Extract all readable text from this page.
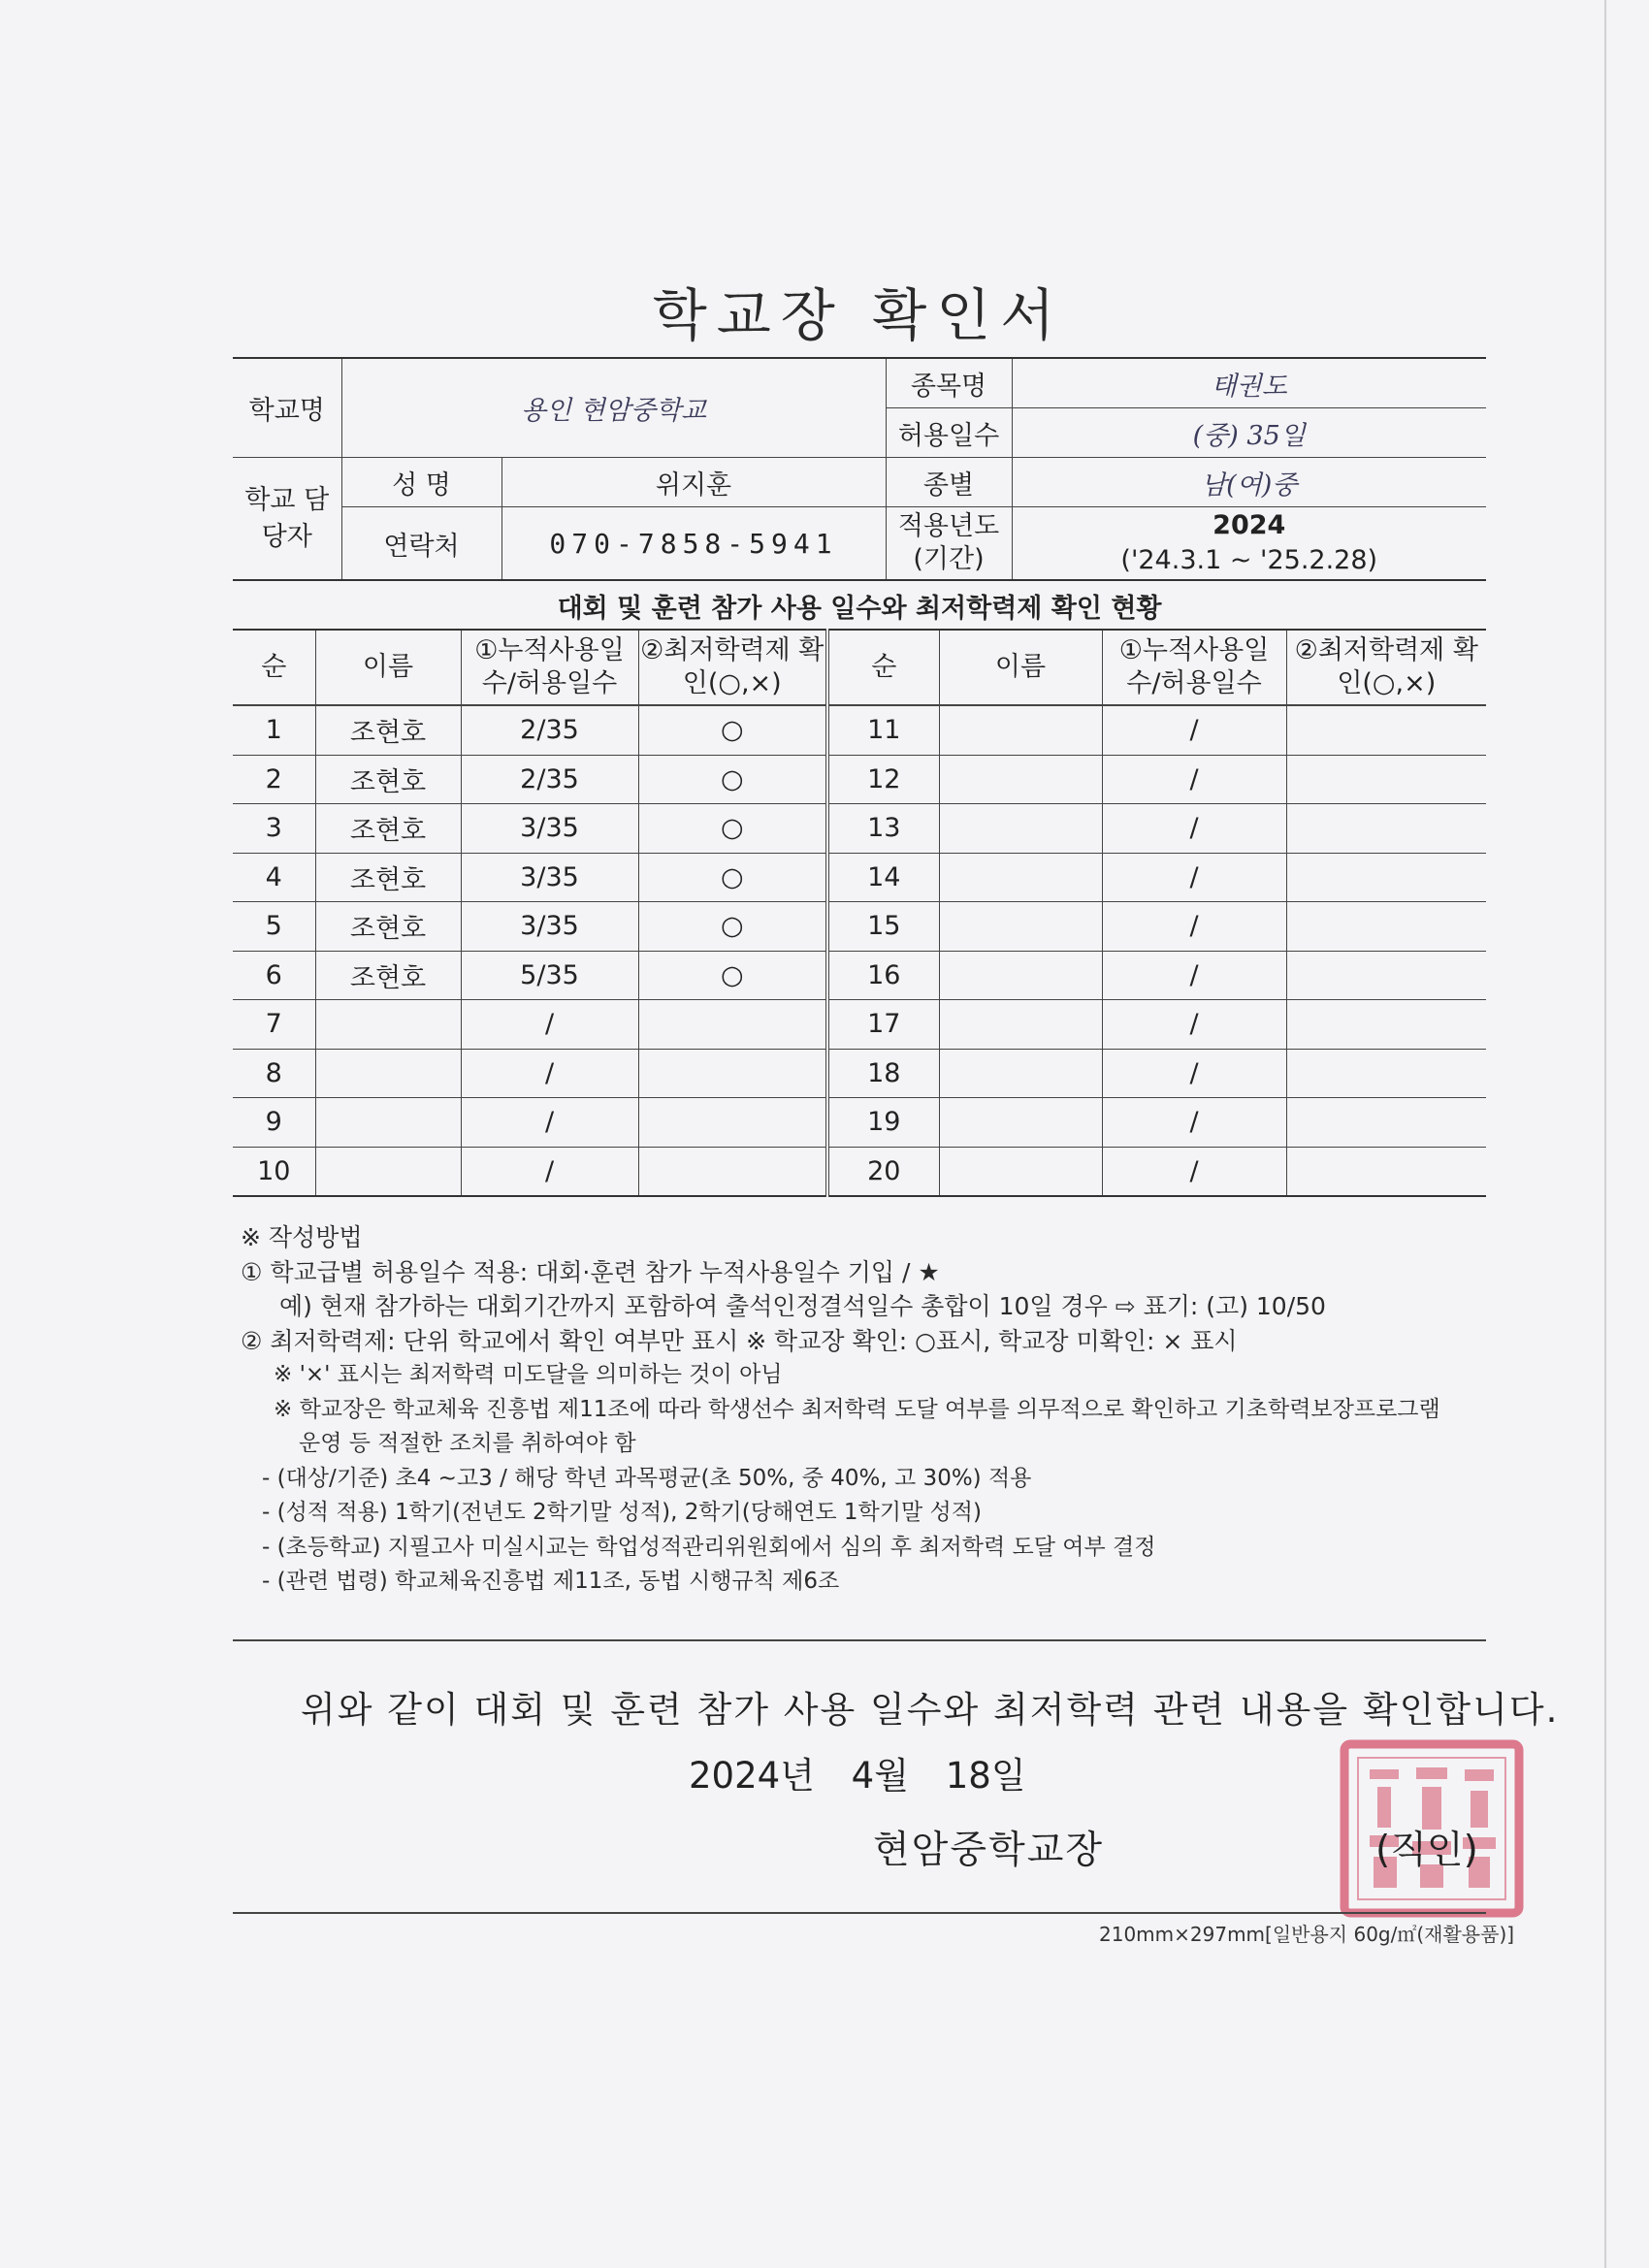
학교장 확인서
학교명	용인 현암중학교		종목명	태권도
			허용일수	(중) 35일
학교 담당자	성 명	위지훈	종별	남(여)중
	연락처	070-7858-5941	적용년도 (기간)	2024
('24.3.1 ~ '25.2.28)
대회 및 훈련 참가 사용 일수와 최저학력제 확인 현황							
순	이름	①누적사용일수/허용일수	②최저학력제 확인(○,×)	순	이름	①누적사용일수/허용일수	②최저학력제 확인(○,×)
1	조현호	2/35	○	11		/	
2	조현호	2/35	○	12		/	
3	조현호	3/35	○	13		/	
4	조현호	3/35	○	14		/	
5	조현호	3/35	○	15		/	
6	조현호	5/35	○	16		/	
7		/		17		/	
8		/		18		/	
9		/		19		/	
10		/		20		/	
※ 작성방법
① 학교급별 허용일수 적용: 대회·훈련 참가 누적사용일수 기입 / ★
예) 현재 참가하는 대회기간까지 포함하여 출석인정결석일수 총합이 10일 경우 ⇨ 표기: (고) 10/50
② 최저학력제: 단위 학교에서 확인 여부만 표시 ※ 학교장 확인: ○표시, 학교장 미확인: × 표시
※ '×' 표시는 최저학력 미도달을 의미하는 것이 아님
※ 학교장은 학교체육 진흥법 제11조에 따라 학생선수 최저학력 도달 여부를 의무적으로 확인하고 기초학력보장프로그램
운영 등 적절한 조치를 취하여야 함
- (대상/기준) 초4 ~고3 / 해당 학년 과목평균(초 50%, 중 40%, 고 30%) 적용
- (성적 적용) 1학기(전년도 2학기말 성적), 2학기(당해연도 1학기말 성적)
- (초등학교) 지필고사 미실시교는 학업성적관리위원회에서 심의 후 최저학력 도달 여부 결정
- (관련 법령) 학교체육진흥법 제11조, 동법 시행규칙 제6조
위와 같이 대회 및 훈련 참가 사용 일수와 최저학력 관련 내용을 확인합니다.
2024년 4월 18일
현암중학교장	(직인)
210mm×297mm[일반용지 60g/㎡(재활용품)]
